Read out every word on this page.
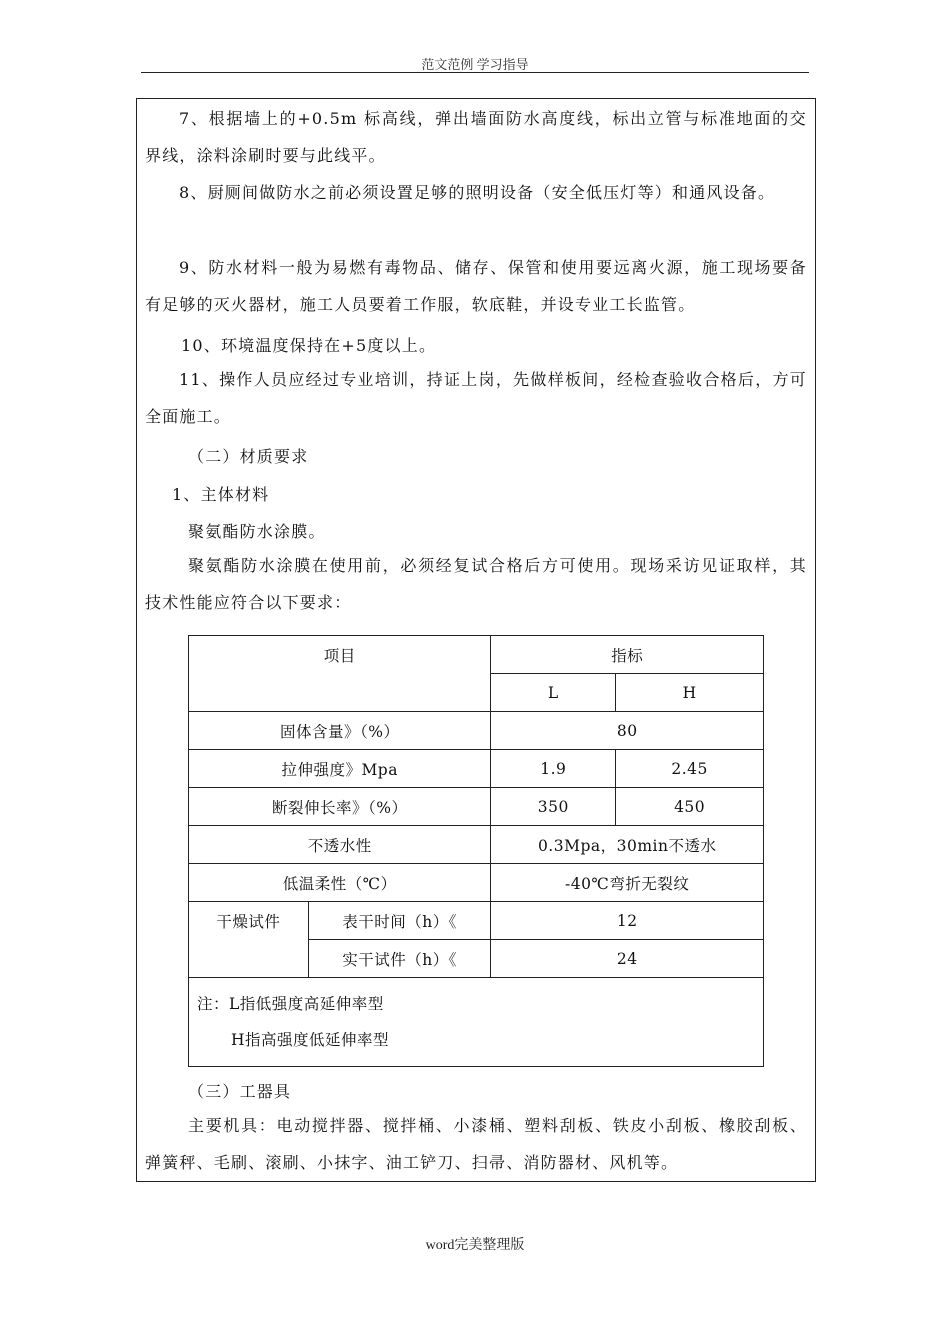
范文范例 学习指导
7、根据墙上的+0.5m 标高线，弹出墙面防水高度线，标出立管与标准地面的交界线，涂料涂刷时要与此线平。
8、厨厕间做防水之前必须设置足够的照明设备（安全低压灯等）和通风设备。
9、防水材料一般为易燃有毒物品、储存、保管和使用要远离火源，施工现场要备有足够的灭火器材，施工人员要着工作服，软底鞋，并设专业工长监管。
10、环境温度保持在+5度以上。
11、操作人员应经过专业培训，持证上岗，先做样板间，经检查验收合格后，方可全面施工。
（二）材质要求
1、主体材料
聚氨酯防水涂膜。
聚氨酯防水涂膜在使用前，必须经复试合格后方可使用。现场采访见证取样，其技术性能应符合以下要求：
项目		指标	
		L	H
固体含量》（%）		80	
拉伸强度》Mpa		1.9	2.45
断裂伸长率》（%）		350	450
不透水性		0.3Mpa，30min不透水	
低温柔性（℃）		-40℃弯折无裂纹	
干燥试件	表干时间（h）《	12	
	实干试件（h）《	24	

注：L指低强度高延伸率型
H指高强度低延伸率型			
（三）工器具
主要机具：电动搅拌器、搅拌桶、小漆桶、塑料刮板、铁皮小刮板、橡胶刮板、弹簧秤、毛刷、滚刷、小抹字、油工铲刀、扫帚、消防器材、风机等。
word完美整理版
